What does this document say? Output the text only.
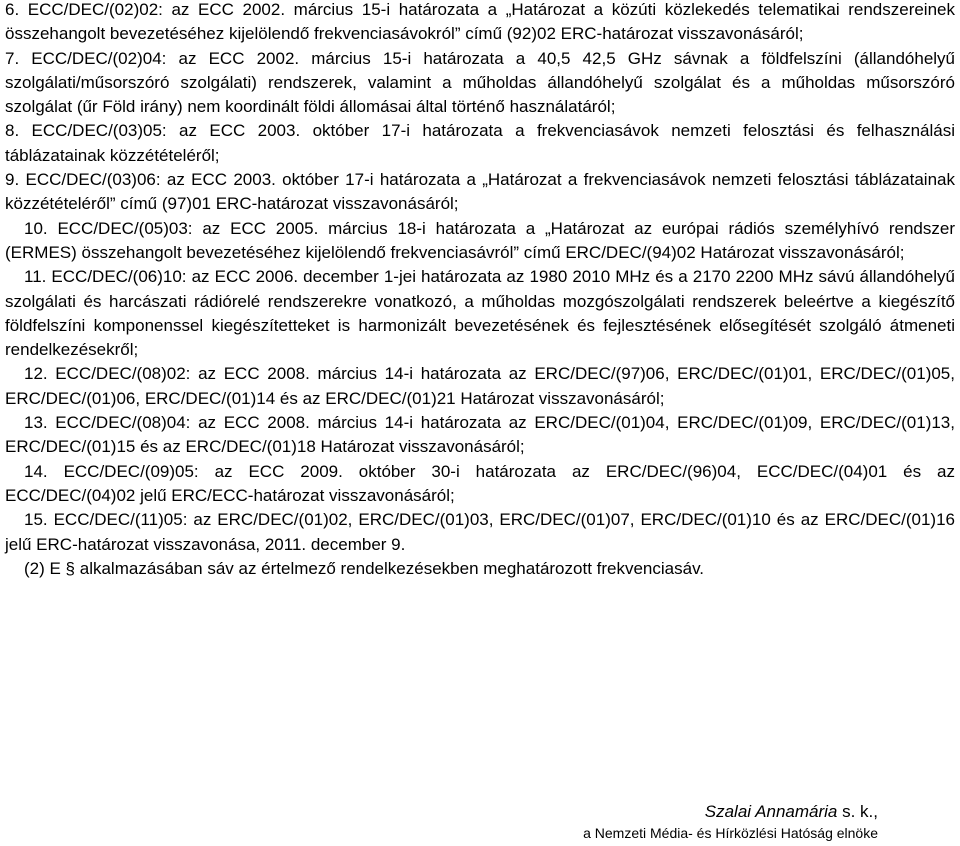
6. ECC/DEC/(02)02: az ECC 2002. március 15-i határozata a „Határozat a közúti közlekedés telematikai rendszereinek összehangolt bevezetéséhez kijelölendő frekvenciasávokról” című (92)02 ERC-határozat visszavonásáról;

7. ECC/DEC/(02)04: az ECC 2002. március 15-i határozata a 40,5 42,5 GHz sávnak a földfelszíni (állandóhelyű szolgálati/műsorszóró szolgálati) rendszerek, valamint a műholdas állandóhelyű szolgálat és a műholdas műsorszóró szolgálat (űr Föld irány) nem koordinált földi állomásai által történő használatáról;

8. ECC/DEC/(03)05: az ECC 2003. október 17-i határozata a frekvenciasávok nemzeti felosztási és felhasználási táblázatainak közzétételéről;

9. ECC/DEC/(03)06: az ECC 2003. október 17-i határozata a „Határozat a frekvenciasávok nemzeti felosztási táblázatainak közzétételéről” című (97)01 ERC-határozat visszavonásáról;

10. ECC/DEC/(05)03: az ECC 2005. március 18-i határozata a „Határozat az európai rádiós személyhívó rendszer (ERMES) összehangolt bevezetéséhez kijelölendő frekvenciasávról” című ERC/DEC/(94)02 Határozat visszavonásáról;

11. ECC/DEC/(06)10: az ECC 2006. december 1-jei határozata az 1980 2010 MHz és a 2170 2200 MHz sávú állandóhelyű szolgálati és harcászati rádiórelé rendszerekre vonatkozó, a műholdas mozgószolgálati rendszerek beleértve a kiegészítő földfelszíni komponenssel kiegészítetteket is harmonizált bevezetésének és fejlesztésének elősegítését szolgáló átmeneti rendelkezésekről;

12. ECC/DEC/(08)02: az ECC 2008. március 14-i határozata az ERC/DEC/(97)06, ERC/DEC/(01)01, ERC/DEC/(01)05, ERC/DEC/(01)06, ERC/DEC/(01)14 és az ERC/DEC/(01)21 Határozat visszavonásáról;

13. ECC/DEC/(08)04: az ECC 2008. március 14-i határozata az ERC/DEC/(01)04, ERC/DEC/(01)09, ERC/DEC/(01)13, ERC/DEC/(01)15 és az ERC/DEC/(01)18 Határozat visszavonásáról;

14. ECC/DEC/(09)05: az ECC 2009. október 30-i határozata az ERC/DEC/(96)04, ECC/DEC/(04)01 és az ECC/DEC/(04)02 jelű ERC/ECC-határozat visszavonásáról;

15. ECC/DEC/(11)05: az ERC/DEC/(01)02, ERC/DEC/(01)03, ERC/DEC/(01)07, ERC/DEC/(01)10 és az ERC/DEC/(01)16 jelű ERC-határozat visszavonása, 2011. december 9.

(2) E § alkalmazásában sáv az értelmező rendelkezésekben meghatározott frekvenciasáv.

Szalai Annamária s. k.,
a Nemzeti Média- és Hírközlési Hatóság elnöke
